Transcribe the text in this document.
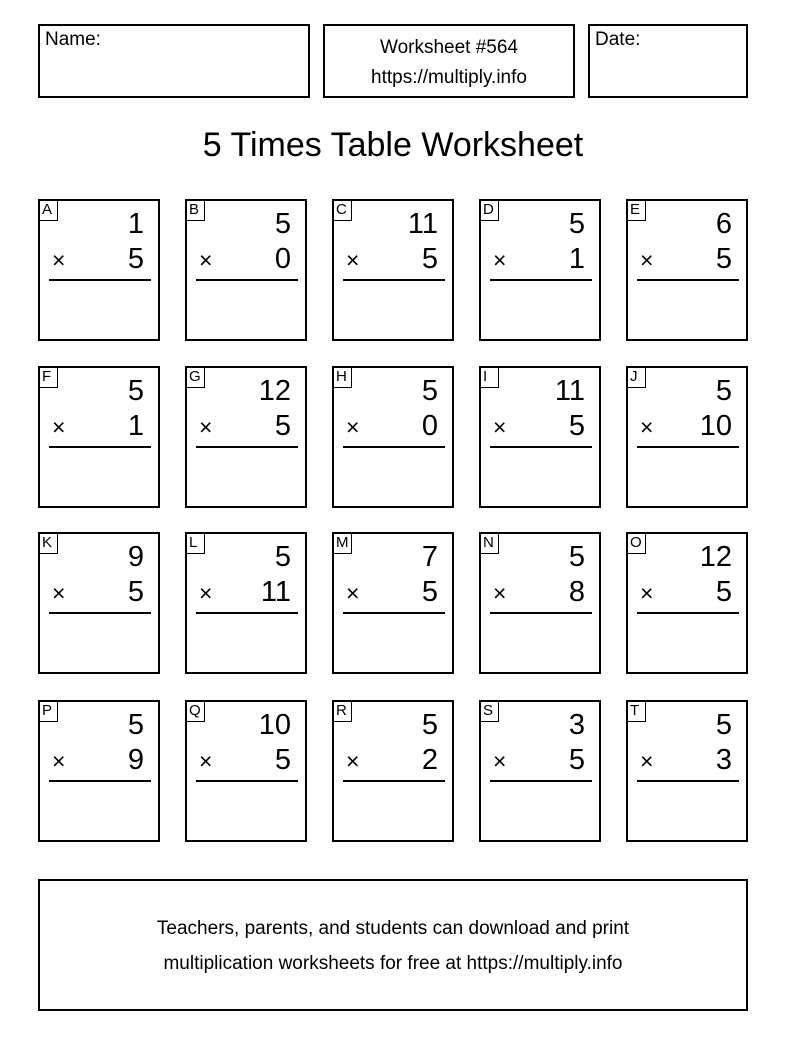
Name:	Worksheet #564
https://multiply.info
Date:
5 Times Table Worksheet
A	1
× 5
B	5
× 0
C 11
× 5
D	5
× 1
E	6
× 5
F	5
× 1
G 12
× 5
H	5
× 0
I	11
× 5
J	5
× 10
K	9
× 5
L	5
× 11
M	7
× 5
N	5
× 8
O 12
× 5
P	5
× 9
Q 10
× 5
R	5
× 2
S	3
× 5
T	5
× 3
Teachers, parents, and students can download and print
multiplication worksheets for free at https://multiply.info
